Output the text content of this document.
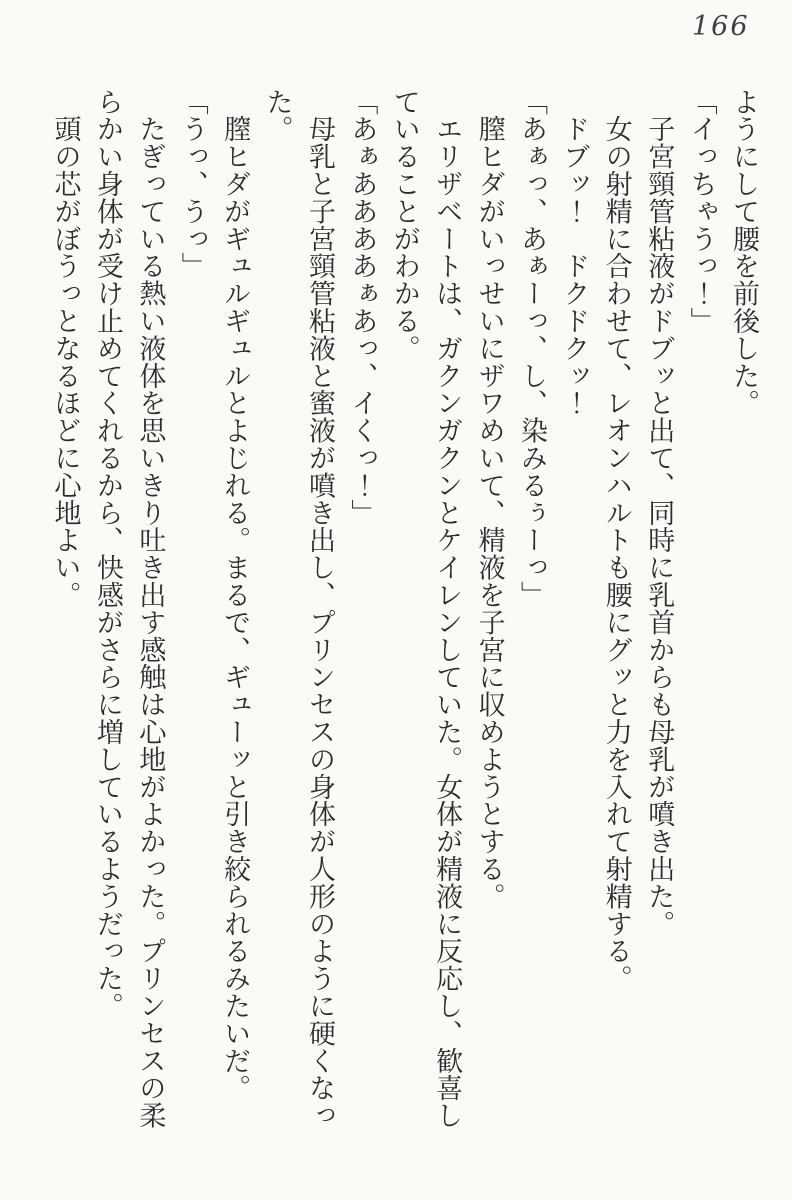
166

ようにして腰を前後した。

「イっちゃうっ！」

　子宮頸管粘液がドブッと出て、同時に乳首からも母乳が噴き出た。

　女の射精に合わせて、レオンハルトも腰にグッと力を入れて射精する。

　ドブッ！　ドクドクッ！

「あぁっ、あぁーっ、し、染みるぅーっ」

　膣ヒダがいっせいにザワめいて、精液を子宮に収めようとする。

　エリザベートは、ガクンガクンとケイレンしていた。女体が精液に反応し、歓喜していることがわかる。

「あぁああああぁあっ、イくっ！」

　母乳と子宮頸管粘液と蜜液が噴き出し、プリンセスの身体が人形のように硬くなった。

　膣ヒダがギュルギュルとよじれる。まるで、ギューッと引き絞られるみたいだ。

「うっ、うっ」

　たぎっている熱い液体を思いきり吐き出す感触は心地がよかった。プリンセスの柔らかい身体が受け止めてくれるから、快感がさらに増しているようだった。

　頭の芯がぼうっとなるほどに心地よい。
